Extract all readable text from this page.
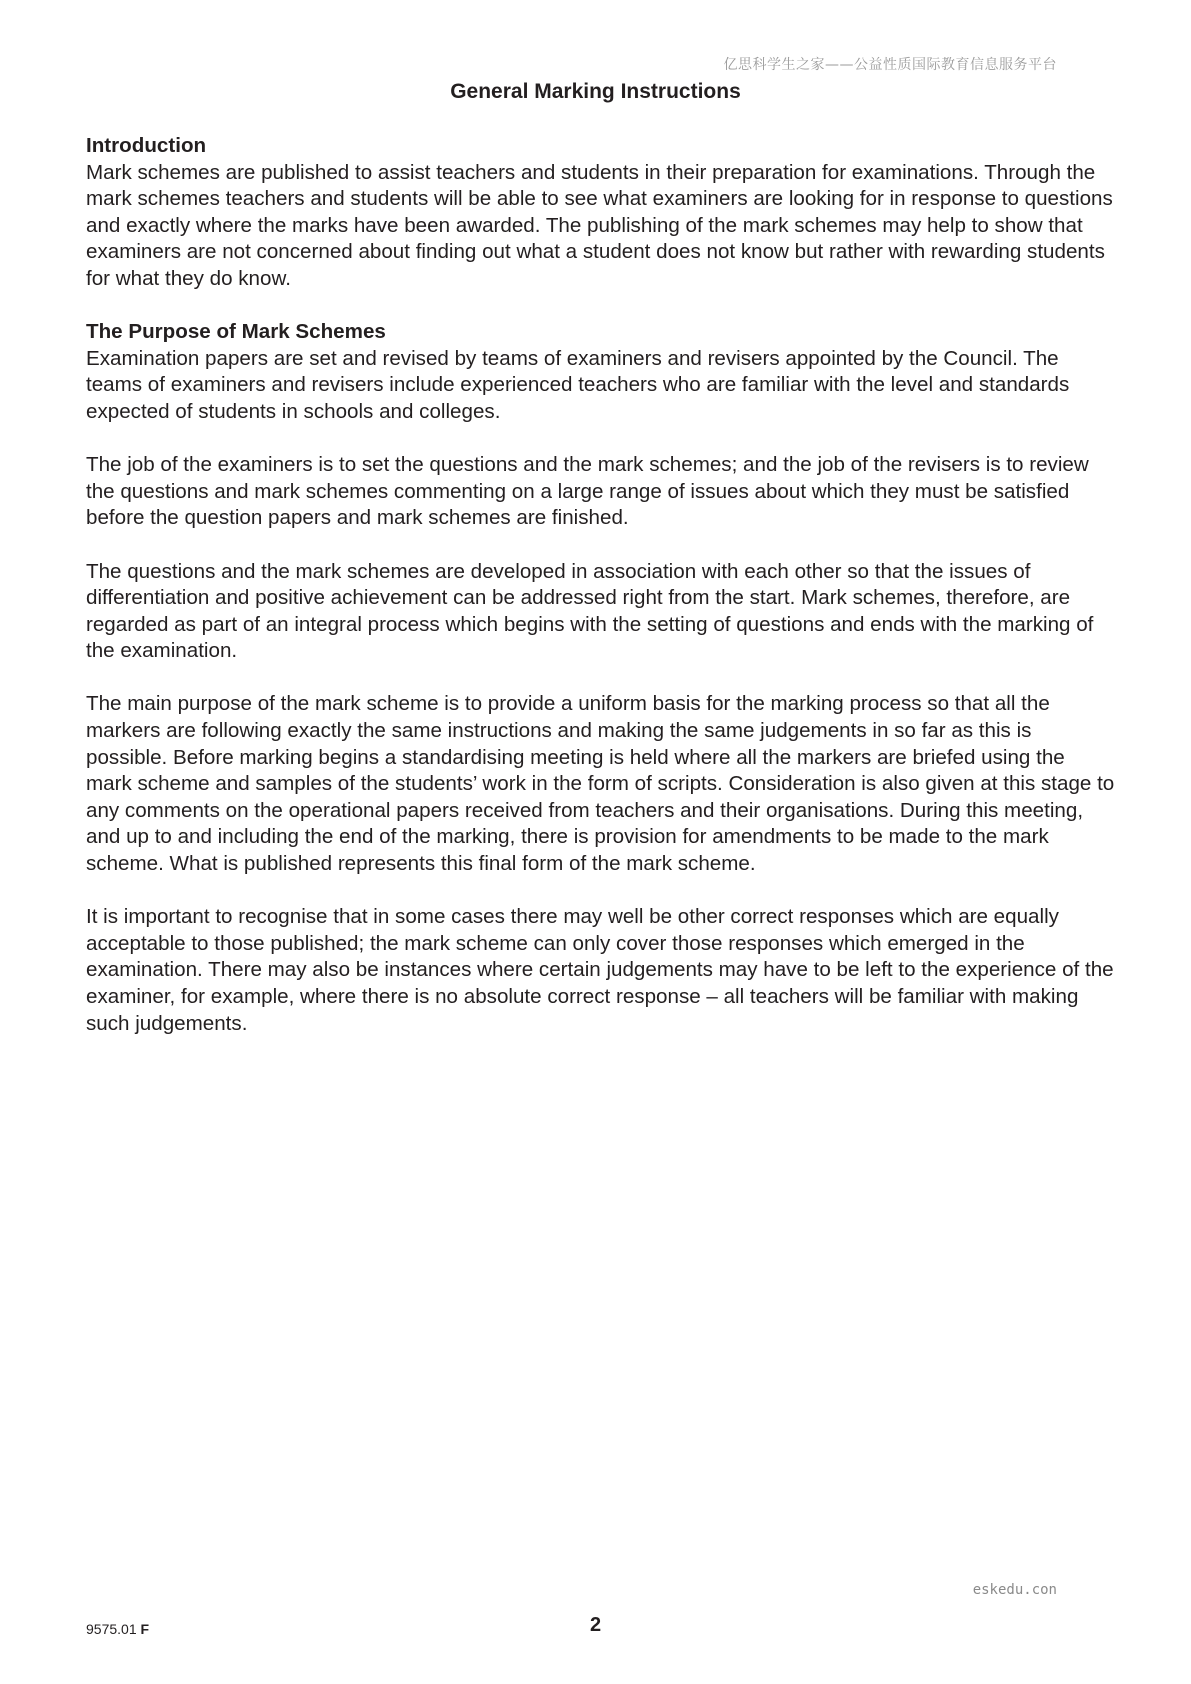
亿思科学生之家——公益性质国际教育信息服务平台
General Marking Instructions

Introduction

Mark schemes are published to assist teachers and students in their preparation for examinations. Through the mark schemes teachers and students will be able to see what examiners are looking for in response to questions and exactly where the marks have been awarded. The publishing of the mark schemes may help to show that examiners are not concerned about finding out what a student does not know but rather with rewarding students for what they do know.

The Purpose of Mark Schemes

Examination papers are set and revised by teams of examiners and revisers appointed by the Council. The teams of examiners and revisers include experienced teachers who are familiar with the level and standards expected of students in schools and colleges.

The job of the examiners is to set the questions and the mark schemes; and the job of the revisers is to review the questions and mark schemes commenting on a large range of issues about which they must be satisfied before the question papers and mark schemes are finished.

The questions and the mark schemes are developed in association with each other so that the issues of differentiation and positive achievement can be addressed right from the start. Mark schemes, therefore, are regarded as part of an integral process which begins with the setting of questions and ends with the marking of the examination.

The main purpose of the mark scheme is to provide a uniform basis for the marking process so that all the markers are following exactly the same instructions and making the same judgements in so far as this is possible. Before marking begins a standardising meeting is held where all the markers are briefed using the mark scheme and samples of the students’ work in the form of scripts. Consideration is also given at this stage to any comments on the operational papers received from teachers and their organisations. During this meeting, and up to and including the end of the marking, there is provision for amendments to be made to the mark scheme. What is published represents this final form of the mark scheme.

It is important to recognise that in some cases there may well be other correct responses which are equally acceptable to those published; the mark scheme can only cover those responses which emerged in the examination. There may also be instances where certain judgements may have to be left to the experience of the examiner, for example, where there is no absolute correct response – all teachers will be familiar with making such judgements.

eskedu.con
9575.01 F	2
